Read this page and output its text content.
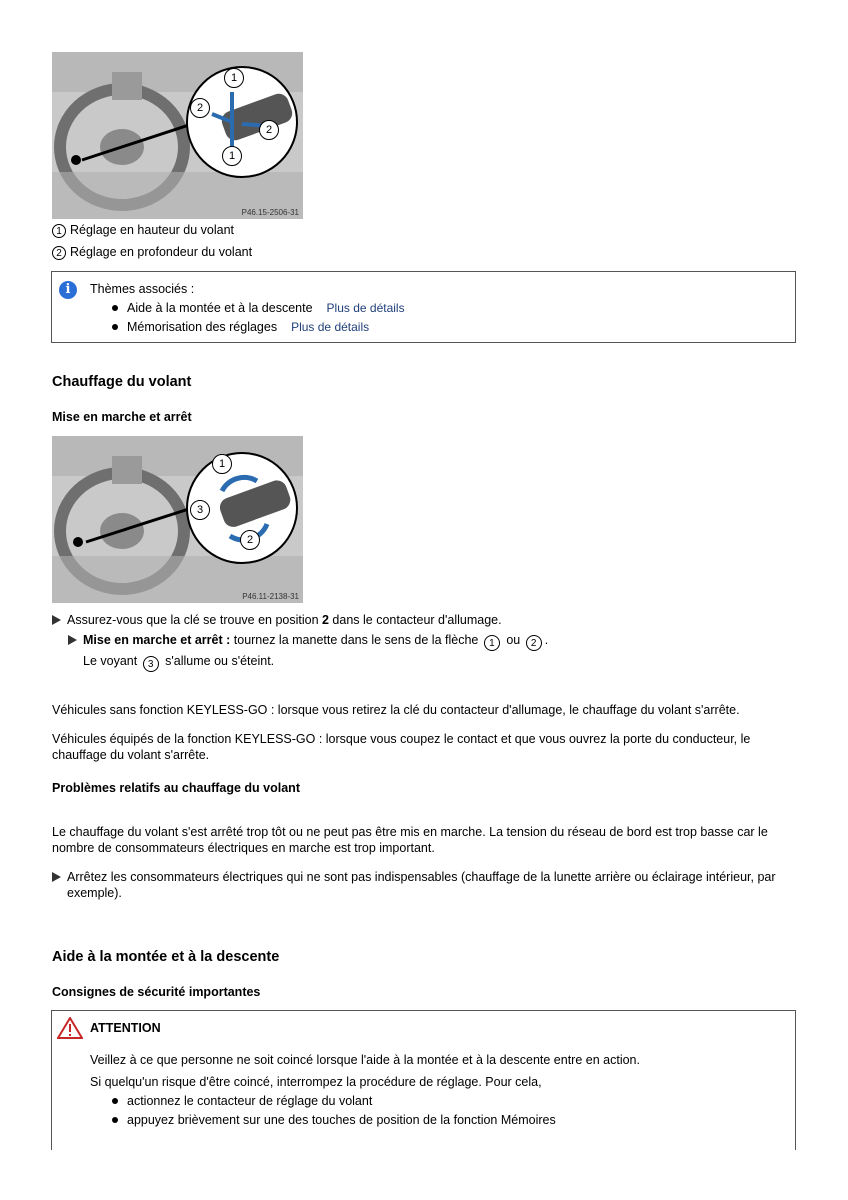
1
2
2
1
P46.15-2506-31
1 Réglage en hauteur du volant
2 Réglage en profondeur du volant
i	Thèmes associés :
Aide à la montée et à la descente Plus de détails
Mémorisation des réglages Plus de détails
Chauffage du volant
Mise en marche et arrêt
1
3
2
P46.11-2138-31
Assurez-vous que la clé se trouve en position 2 dans le contacteur d'allumage.
Mise en marche et arrêt : tournez la manette dans le sens de la flèche 1 ou 2 .
Le voyant 3 s'allume ou s'éteint.
Véhicules sans fonction KEYLESS-GO : lorsque vous retirez la clé du contacteur d'allumage, le chauffage du volant s'arrête.
Véhicules équipés de la fonction KEYLESS-GO : lorsque vous coupez le contact et que vous ouvrez la porte du conducteur, le chauffage du volant s'arrête.
Problèmes relatifs au chauffage du volant
Le chauffage du volant s'est arrêté trop tôt ou ne peut pas être mis en marche. La tension du réseau de bord est trop basse car le nombre de consommateurs électriques en marche est trop important.
Arrêtez les consommateurs électriques qui ne sont pas indispensables (chauffage de la lunette arrière ou éclairage intérieur, par exemple).
Aide à la montée et à la descente
Consignes de sécurité importantes
ATTENTION
Veillez à ce que personne ne soit coincé lorsque l'aide à la montée et à la descente entre en action.
Si quelqu'un risque d'être coincé, interrompez la procédure de réglage. Pour cela,
actionnez le contacteur de réglage du volant
appuyez brièvement sur une des touches de position de la fonction Mémoires
